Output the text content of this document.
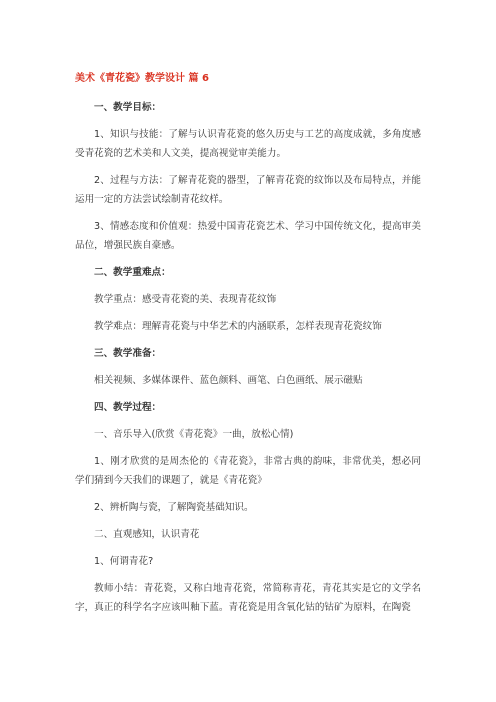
美术《青花瓷》教学设计 篇 6

一、教学目标：

1、知识与技能：了解与认识青花瓷的悠久历史与工艺的高度成就，多角度感受青花瓷的艺术美和人文美，提高视觉审美能力。

2、过程与方法：了解青花瓷的器型，了解青花瓷的纹饰以及布局特点，并能运用一定的方法尝试绘制青花纹样。

3、情感态度和价值观：热爱中国青花瓷艺术、学习中国传统文化，提高审美品位，增强民族自豪感。

二、教学重难点：

教学重点：感受青花瓷的美、表现青花纹饰

教学难点：理解青花瓷与中华艺术的内涵联系，怎样表现青花瓷纹饰

三、教学准备：

相关视频、多媒体课件、蓝色颜料、画笔、白色画纸、展示磁贴

四、教学过程：

一、音乐导入(欣赏《青花瓷》一曲，放松心情)

1、刚才欣赏的是周杰伦的《青花瓷》，非常古典的韵味，非常优美，想必同学们猜到今天我们的课题了，就是《青花瓷》

2、辨析陶与瓷，了解陶瓷基础知识。

二、直观感知，认识青花

1、何谓青花?

教师小结：青花瓷，又称白地青花瓷，常简称青花，青花其实是它的文学名字，真正的科学名字应该叫釉下蓝。青花瓷是用含氧化钴的钴矿为原料，在陶瓷
